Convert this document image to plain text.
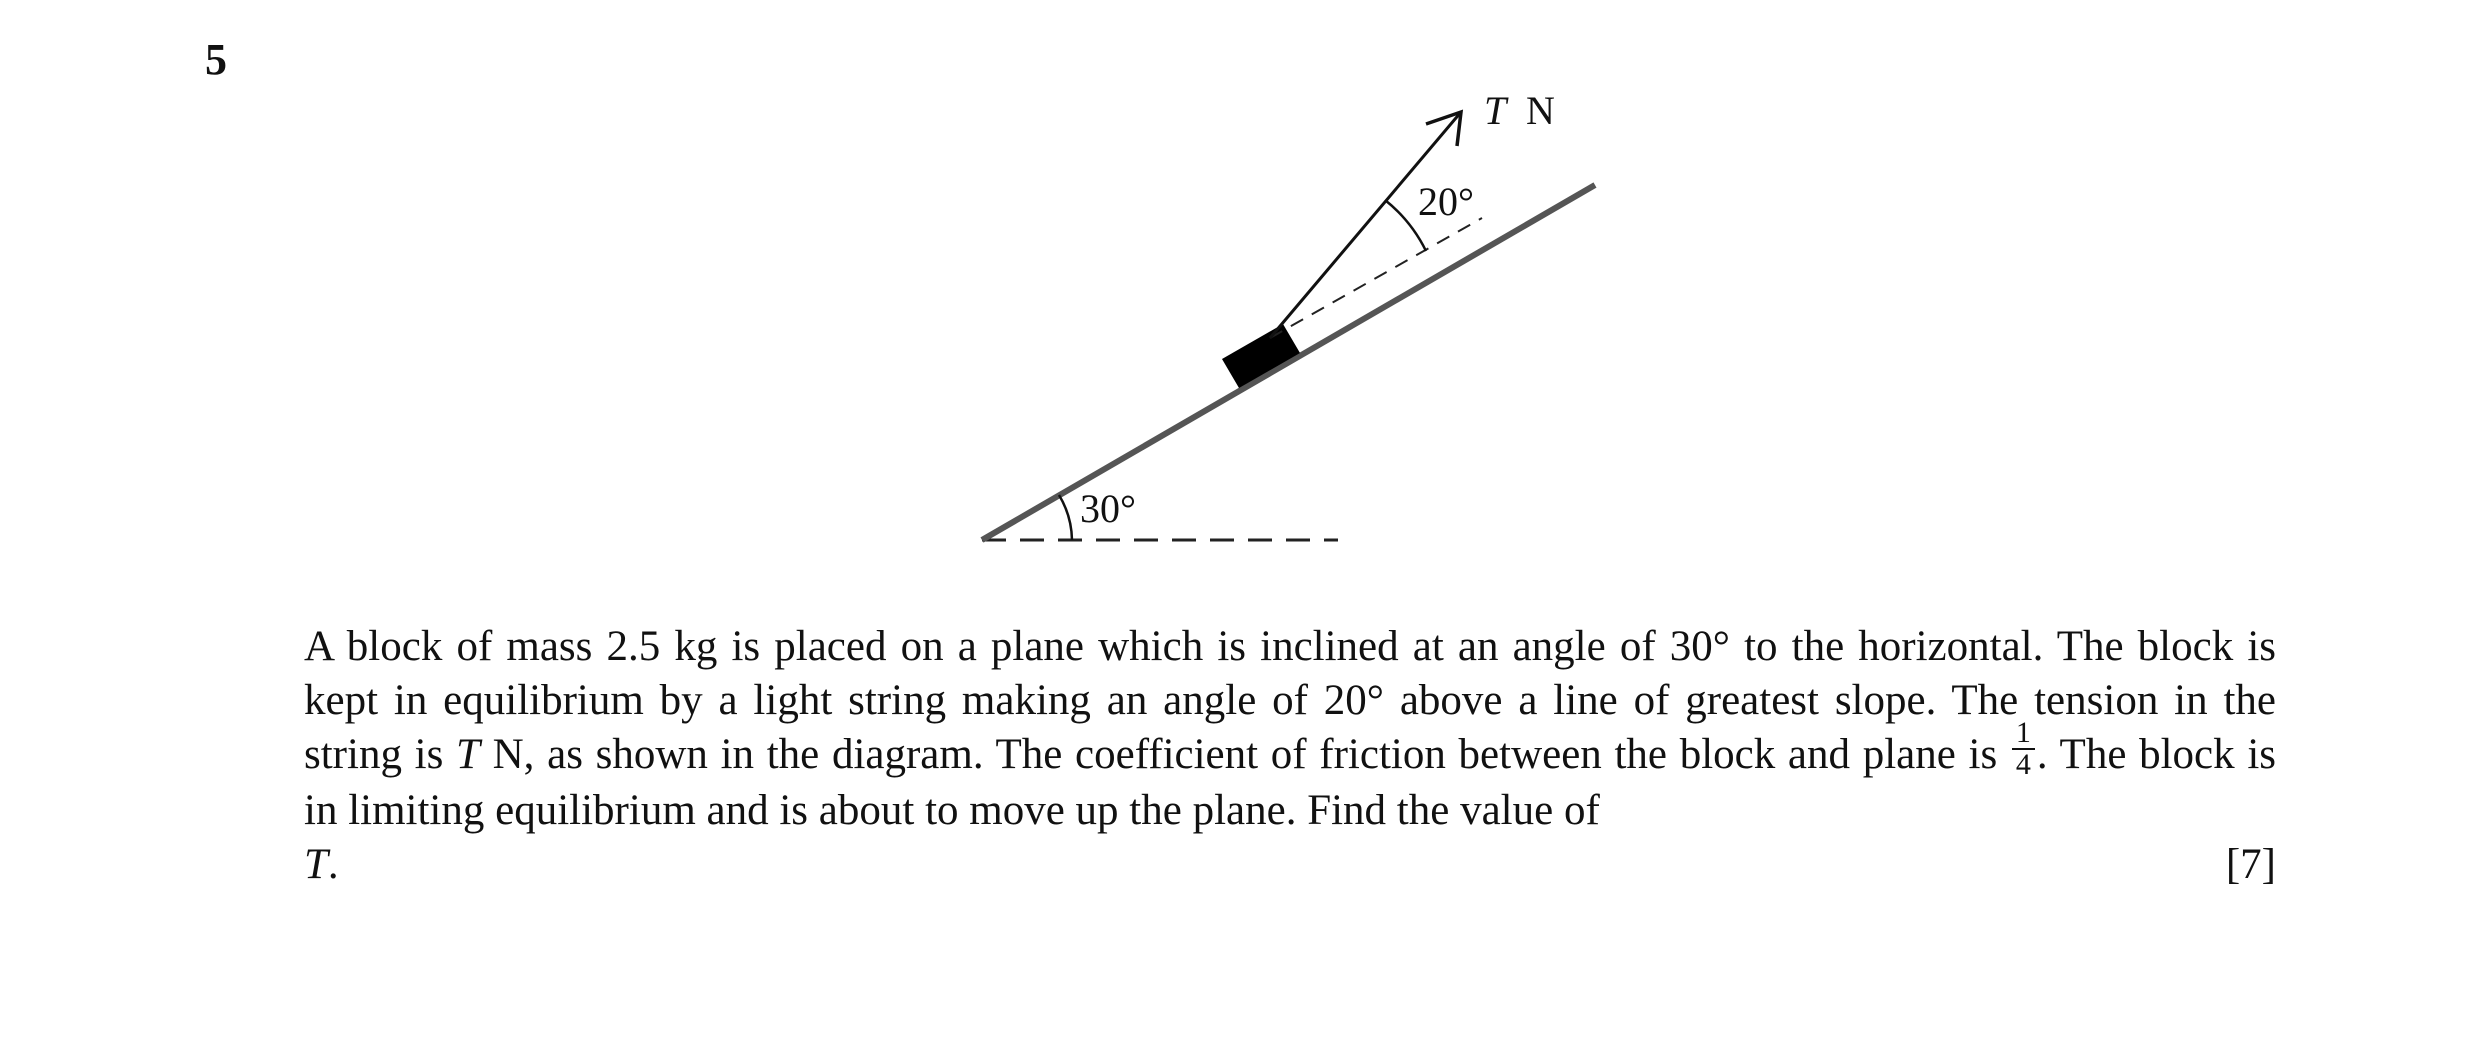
5
30°
20°
T N

A block of mass 2.5 kg is placed on a plane which is inclined at an angle of 30° to the horizontal. The block is kept in equilibrium by a light string making an angle of 20° above a line of greatest slope. The tension in the string is T N, as shown in the diagram. The coefficient of friction between the block and plane is $\frac{1}{4}$ . The block is in limiting equilibrium and is about to move up the plane. Find the value of

T.	[7]
